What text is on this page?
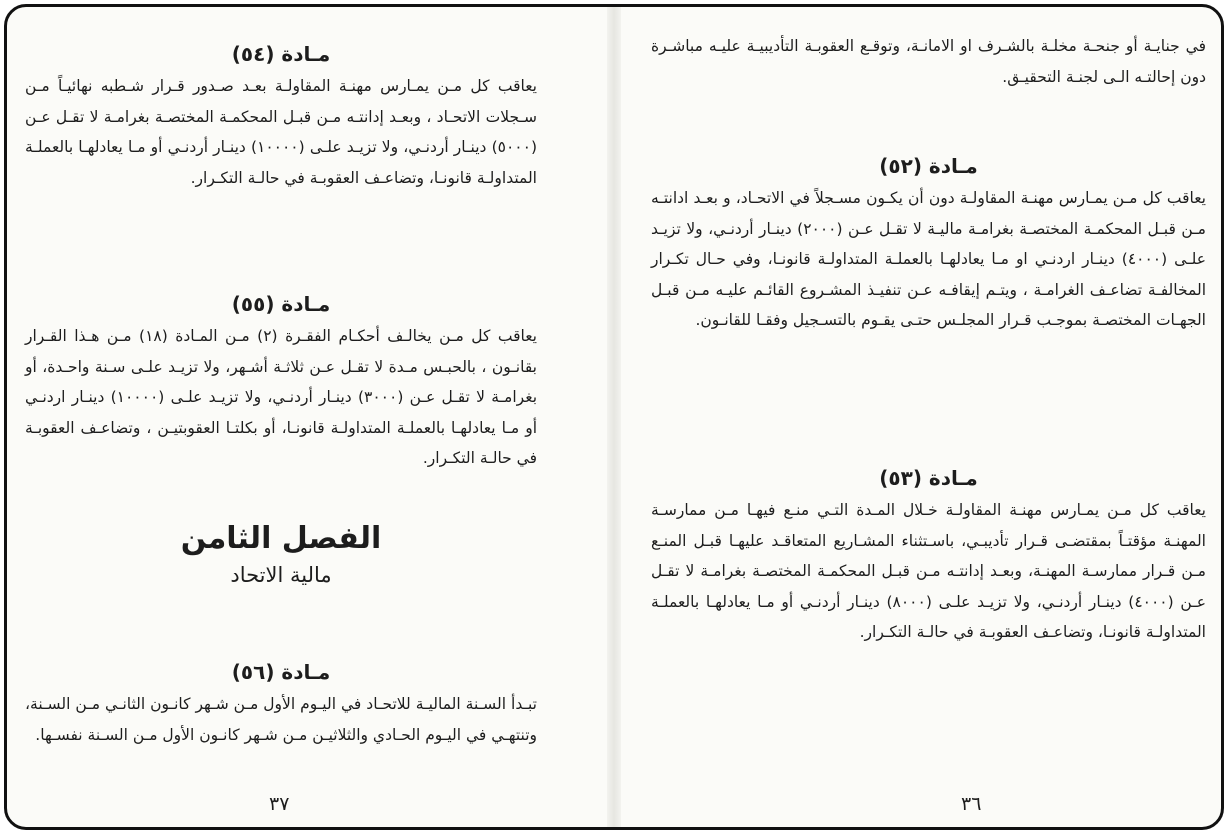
مـادة (٥٤)

يعاقب كل مـن يمـارس مهنـة المقاولـة بعـد صـدور قـرار شـطبه نهائيـاً مـن سـجلات الاتحـاد ، وبعـد إدانتـه مـن قبـل المحكمـة المختصـة بغرامـة لا تقـل عـن (٥٠٠٠) دينـار أردنـي، ولا تزيـد علـى (١٠٠٠٠) دينـار أردنـي أو مـا يعادلهـا بالعملـة المتداولـة قانونـا، وتضاعـف العقوبـة في حالـة التكـرار.

مـادة (٥٥)

يعاقب كل مـن يخالـف أحكـام الفقـرة (٢) مـن المـادة (١٨) مـن هـذا القـرار بقانـون ، بالحبـس مـدة لا تقـل عـن ثلاثـة أشـهر، ولا تزيـد علـى سـنة واحـدة، أو بغرامـة لا تقـل عـن (٣٠٠٠) دينـار أردنـي، ولا تزيـد علـى (١٠٠٠٠) دينـار اردنـي أو مـا يعادلهـا بالعملـة المتداولـة قانونـا، أو بكلتـا العقوبتيـن ، وتضاعـف العقوبـة في حالـة التكـرار.

الفصل الثامن

مالية الاتحاد

مـادة (٥٦)

تبـدأ السـنة الماليـة للاتحـاد في اليـوم الأول مـن شـهر كانـون الثانـي مـن السـنة، وتنتهـي في اليـوم الحـادي والثلاثيـن مـن شـهر كانـون الأول مـن السـنة نفسـها.

٣٧

في جنايـة أو جنحـة مخلـة بالشـرف او الامانـة، وتوقـع العقوبـة التأديبيـة عليـه مباشـرة دون إحالتـه الـى لجنـة التحقيـق.

مـادة (٥٢)

يعاقب كل مـن يمـارس مهنـة المقاولـة دون أن يكـون مسـجلاً في الاتحـاد، و بعـد ادانتـه مـن قبـل المحكمـة المختصـة بغرامـة ماليـة لا تقـل عـن (٢٠٠٠) دينـار أردنـي، ولا تزيـد علـى (٤٠٠٠) دينـار اردنـي او مـا يعادلهـا بالعملـة المتداولـة قانونـا، وفي حـال تكـرار المخالفـة تضاعـف الغرامـة ، ويتـم إيقافـه عـن تنفيـذ المشـروع القائـم عليـه مـن قبـل الجهـات المختصـة بموجـب قـرار المجلـس حتـى يقـوم بالتسـجيل وفقـا للقانـون.

مـادة (٥٣)

يعاقب كل مـن يمـارس مهنـة المقاولـة خـلال المـدة التـي منـع فيهـا مـن ممارسـة المهنـة مؤقتـاً بمقتضـى قـرار تأديبـي، باسـتثناء المشـاريع المتعاقـد عليهـا قبـل المنـع مـن قـرار ممارسـة المهنـة، وبعـد إدانتـه مـن قبـل المحكمـة المختصـة بغرامـة لا تقـل عـن (٤٠٠٠) دينـار أردنـي، ولا تزيـد علـى (٨٠٠٠) دينـار أردنـي أو مـا يعادلهـا بالعملـة المتداولـة قانونـا، وتضاعـف العقوبـة في حالـة التكـرار.

٣٦
